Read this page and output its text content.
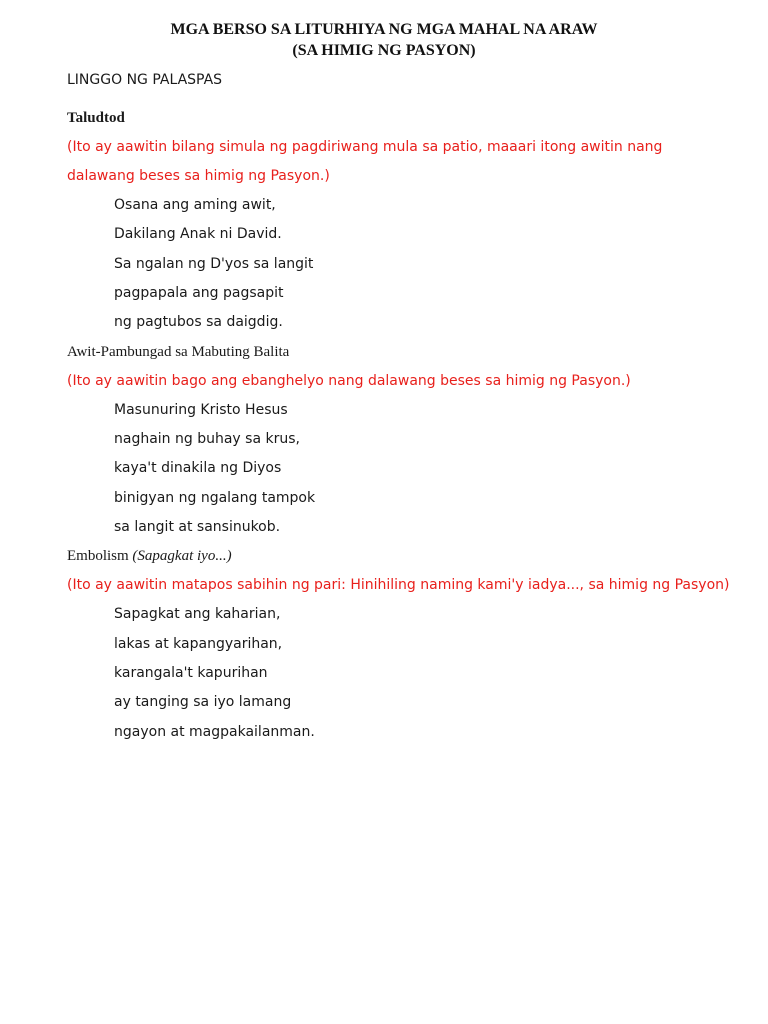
MGA BERSO SA LITURHIYA NG MGA MAHAL NA ARAW
(SA HIMIG NG PASYON)

LINGGO NG PALASPAS

Taludtod

(Ito ay aawitin bilang simula ng pagdiriwang mula sa patio, maaari itong awitin nang

dalawang beses sa himig ng Pasyon.)

Osana ang aming awit,

Dakilang Anak ni David.

Sa ngalan ng D'yos sa langit

pagpapala ang pagsapit

ng pagtubos sa daigdig.

Awit-Pambungad sa Mabuting Balita

(Ito ay aawitin bago ang ebanghelyo nang dalawang beses sa himig ng Pasyon.)

Masunuring Kristo Hesus

naghain ng buhay sa krus,

kaya't dinakila ng Diyos

binigyan ng ngalang tampok

sa langit at sansinukob.

Embolism (Sapagkat iyo...)

(Ito ay aawitin matapos sabihin ng pari: Hinihiling naming kami'y iadya..., sa himig ng Pasyon)

Sapagkat ang kaharian,

lakas at kapangyarihan,

karangala't kapurihan

ay tanging sa iyo lamang

ngayon at magpakailanman.
